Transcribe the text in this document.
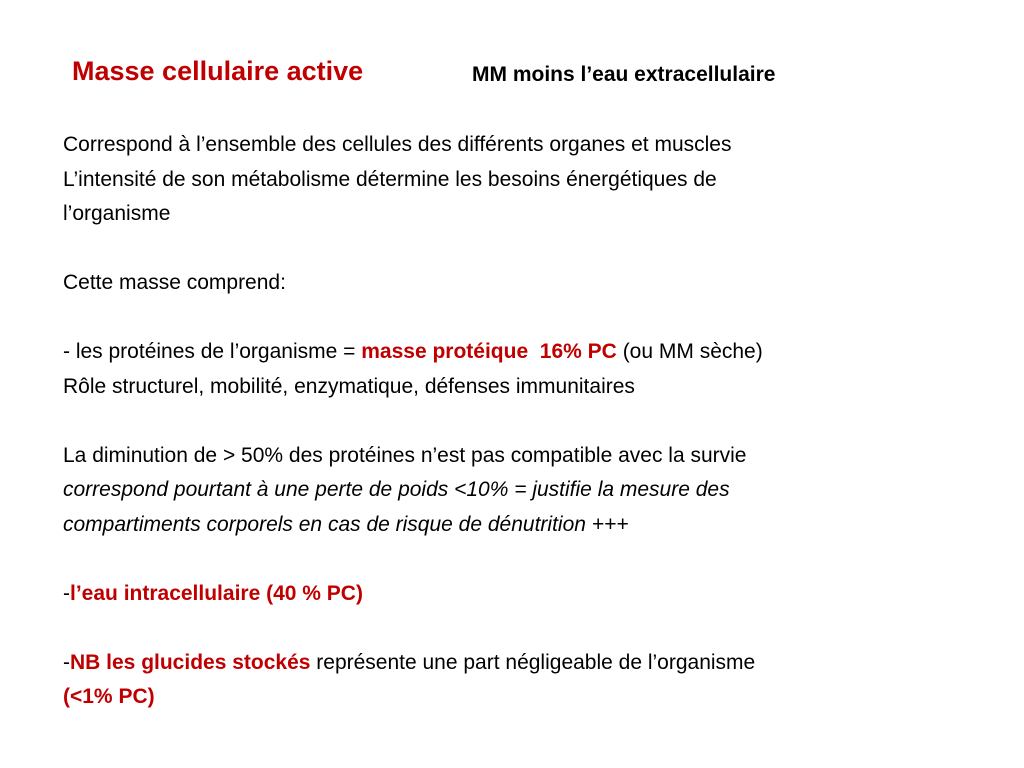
Masse cellulaire active	MM moins l’eau extracellulaire
Correspond à l’ensemble des cellules des différents organes et muscles
L’intensité de son métabolisme détermine les besoins énergétiques de
l’organisme
Cette masse comprend:
- les protéines de l’organisme = masse protéique  16% PC (ou MM sèche)
Rôle structurel, mobilité, enzymatique, défenses immunitaires
La diminution de > 50% des protéines n’est pas compatible avec la survie
correspond pourtant à une perte de poids <10% = justifie la mesure des
compartiments corporels en cas de risque de dénutrition +++
-l’eau intracellulaire (40 % PC)
-NB les glucides stockés représente une part négligeable de l’organisme
(<1% PC)
